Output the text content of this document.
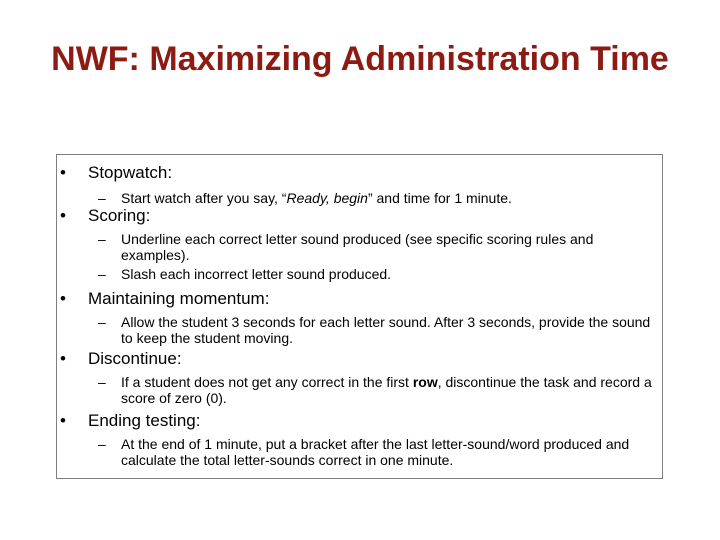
NWF: Maximizing Administration Time
• Stopwatch:
– Start watch after you say, “Ready, begin” and time for 1 minute.
• Scoring:
– Underline each correct letter sound produced (see specific scoring rules and examples).
– Slash each incorrect letter sound produced.
• Maintaining momentum:
– Allow the student 3 seconds for each letter sound. After 3 seconds, provide the sound to keep the student moving.
• Discontinue:
– If a student does not get any correct in the first row, discontinue the task and record a score of zero (0).
• Ending testing:
– At the end of 1 minute, put a bracket after the last letter-sound/word produced and calculate the total letter-sounds correct in one minute.
